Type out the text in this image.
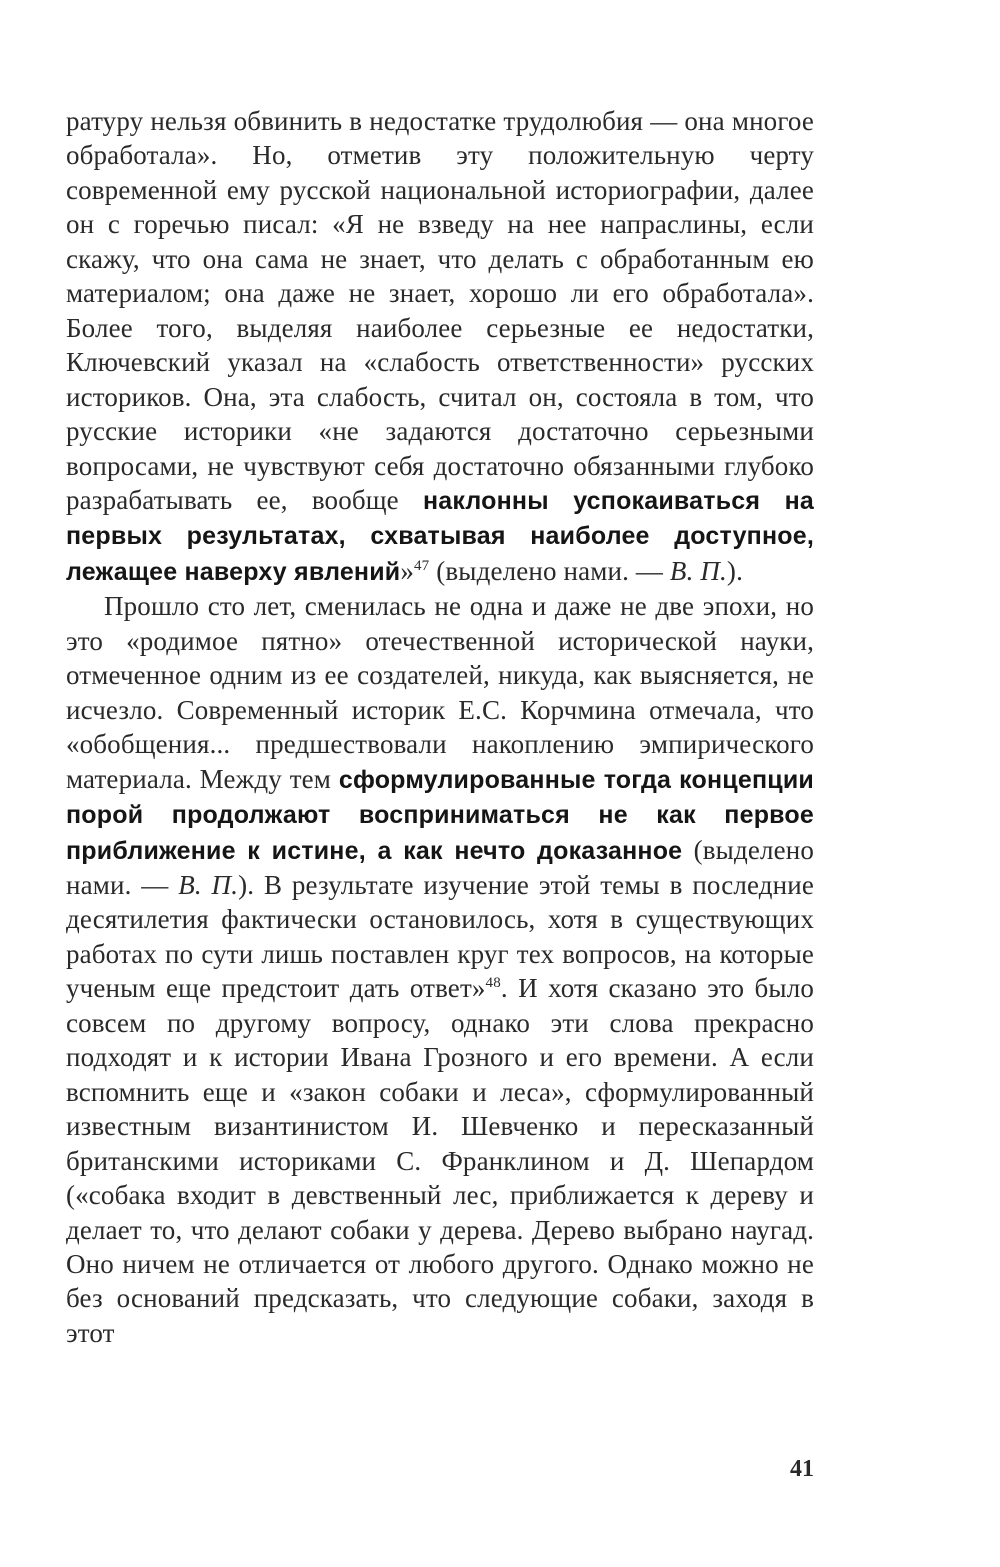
ратуру нельзя обвинить в недостатке трудолюбия — она многое обработала». Но, отметив эту положительную черту современной ему русской национальной историографии, далее он с горечью писал: «Я не взведу на нее напраслины, если скажу, что она сама не знает, что делать с обработанным ею материалом; она даже не знает, хорошо ли его обработала». Более того, выделяя наиболее серьезные ее недостатки, Ключевский указал на «слабость ответственности» русских историков. Она, эта слабость, считал он, состояла в том, что русские историки «не задаются достаточно серьезными вопросами, не чувствуют себя достаточно обязанными глубоко разрабатывать ее, вообще наклонны успокаиваться на первых результатах, схватывая наиболее доступное, лежащее наверху явлений»$^{47}$ (выделено нами. — В. П.).

Прошло сто лет, сменилась не одна и даже не две эпохи, но это «родимое пятно» отечественной исторической науки, отмеченное одним из ее создателей, никуда, как выясняется, не исчезло. Современный историк Е.С. Корчмина отмечала, что «обобщения... предшествовали накоплению эмпирического материала. Между тем сформулированные тогда концепции порой продолжают восприниматься не как первое приближение к истине, а как нечто доказанное (выделено нами. — В. П.). В результате изучение этой темы в последние десятилетия фактически остановилось, хотя в существующих работах по сути лишь поставлен круг тех вопросов, на которые ученым еще предстоит дать ответ»$^{48}$. И хотя сказано это было совсем по другому вопросу, однако эти слова прекрасно подходят и к истории Ивана Грозного и его времени. А если вспомнить еще и «закон собаки и леса», сформулированный известным византинистом И. Шевченко и пересказанный британскими историками С. Франклином и Д. Шепардом («собака входит в девственный лес, приближается к дереву и делает то, что делают собаки у дерева. Дерево выбрано наугад. Оно ничем не отличается от любого другого. Однако можно не без оснований предсказать, что следующие собаки, заходя в этот

41
